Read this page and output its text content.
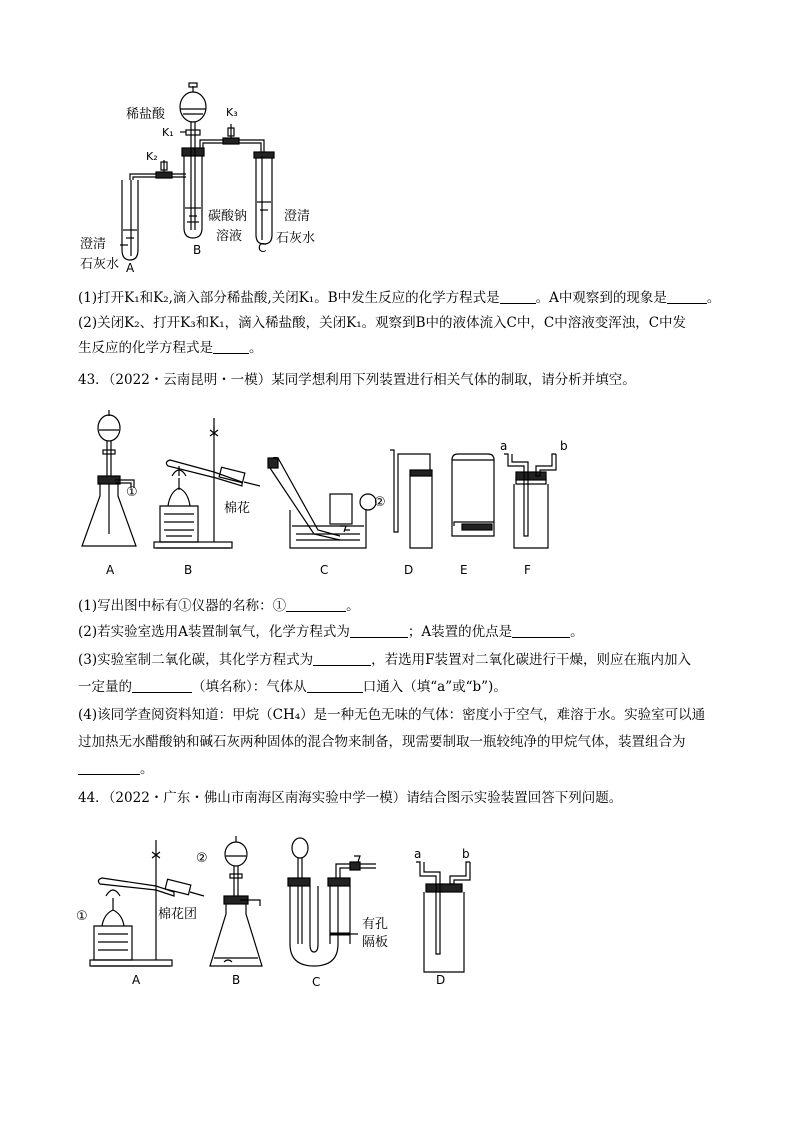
稀盐酸
K₁
K₂
K₃
碳酸钠
溶液
澄清
石灰水
澄清
石灰水 A
B	C
(1)打开K₁和K₂,滴入部分稀盐酸,关闭K₁。B中发生反应的化学方程式是	。A中观察到的现象是	。
(2)关闭K₂、打开K₃和K₁，滴入稀盐酸，关闭K₁。观察到B中的液体流入C中，C中溶液变浑浊，C中发
生反应的化学方程式是	。
43．（2022・云南昆明・一模）某同学想利用下列装置进行相关气体的制取，请分析并填空。
①
②
棉花
a	b
A	B	C	D	E	F
(1)写出图中标有①仪器的名称：①	。
(2)若实验室选用A装置制氧气，化学方程式为	；A装置的优点是	。
(3)实验室制二氧化碳，其化学方程式为	，若选用F装置对二氧化碳进行干燥，则应在瓶内加入
一定量的	（填名称）：气体从	口通入（填“a”或“b”)。
(4)该同学查阅资料知道：甲烷（CH₄）是一种无色无味的气体：密度小于空气，难溶于水。实验室可以通
过加热无水醋酸钠和碱石灰两种固体的混合物来制备，现需要制取一瓶较纯净的甲烷气体，装置组合为
。
44．（2022・广东・佛山市南海区南海实验中学一模）请结合图示实验装置回答下列问题。
①
②
棉花团
有孔
隔板
a	b
A	B	C	D
